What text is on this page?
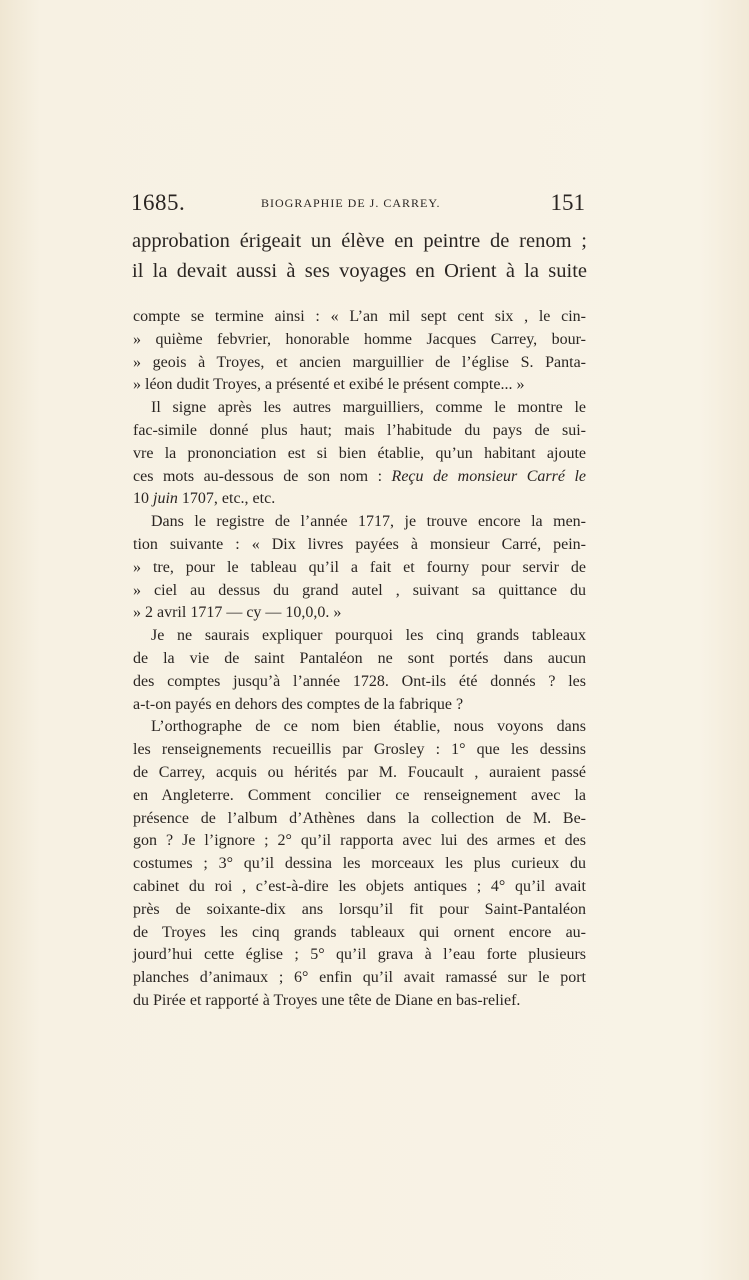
1685.	BIOGRAPHIE DE J. CARREY.	151
approbation érigeait un élève en peintre de renom ;
il la devait aussi à ses voyages en Orient à la suite
compte se termine ainsi : « L’an mil sept cent six , le cin-
» quième febvrier, honorable homme Jacques Carrey, bour-
» geois à Troyes, et ancien marguillier de l’église S. Panta-
» léon dudit Troyes, a présenté et exibé le présent compte... »
Il signe après les autres marguilliers, comme le montre le
fac-simile donné plus haut; mais l’habitude du pays de sui-
vre la prononciation est si bien établie, qu’un habitant ajoute
ces mots au-dessous de son nom : Reçu de monsieur Carré le
10 juin 1707, etc., etc.
Dans le registre de l’année 1717, je trouve encore la men-
tion suivante : « Dix livres payées à monsieur Carré, pein-
» tre, pour le tableau qu’il a fait et fourny pour servir de
» ciel au dessus du grand autel , suivant sa quittance du
» 2 avril 1717 — cy — 10,0,0. »
Je ne saurais expliquer pourquoi les cinq grands tableaux
de la vie de saint Pantaléon ne sont portés dans aucun
des comptes jusqu’à l’année 1728. Ont-ils été donnés ? les
a-t-on payés en dehors des comptes de la fabrique ?
L’orthographe de ce nom bien établie, nous voyons dans
les renseignements recueillis par Grosley : 1° que les dessins
de Carrey, acquis ou hérités par M. Foucault , auraient passé
en Angleterre. Comment concilier ce renseignement avec la
présence de l’album d’Athènes dans la collection de M. Be-
gon ? Je l’ignore ; 2° qu’il rapporta avec lui des armes et des
costumes ; 3° qu’il dessina les morceaux les plus curieux du
cabinet du roi , c’est-à-dire les objets antiques ; 4° qu’il avait
près de soixante-dix ans lorsqu’il fit pour Saint-Pantaléon
de Troyes les cinq grands tableaux qui ornent encore au-
jourd’hui cette église ; 5° qu’il grava à l’eau forte plusieurs
planches d’animaux ; 6° enfin qu’il avait ramassé sur le port
du Pirée et rapporté à Troyes une tête de Diane en bas-relief.
